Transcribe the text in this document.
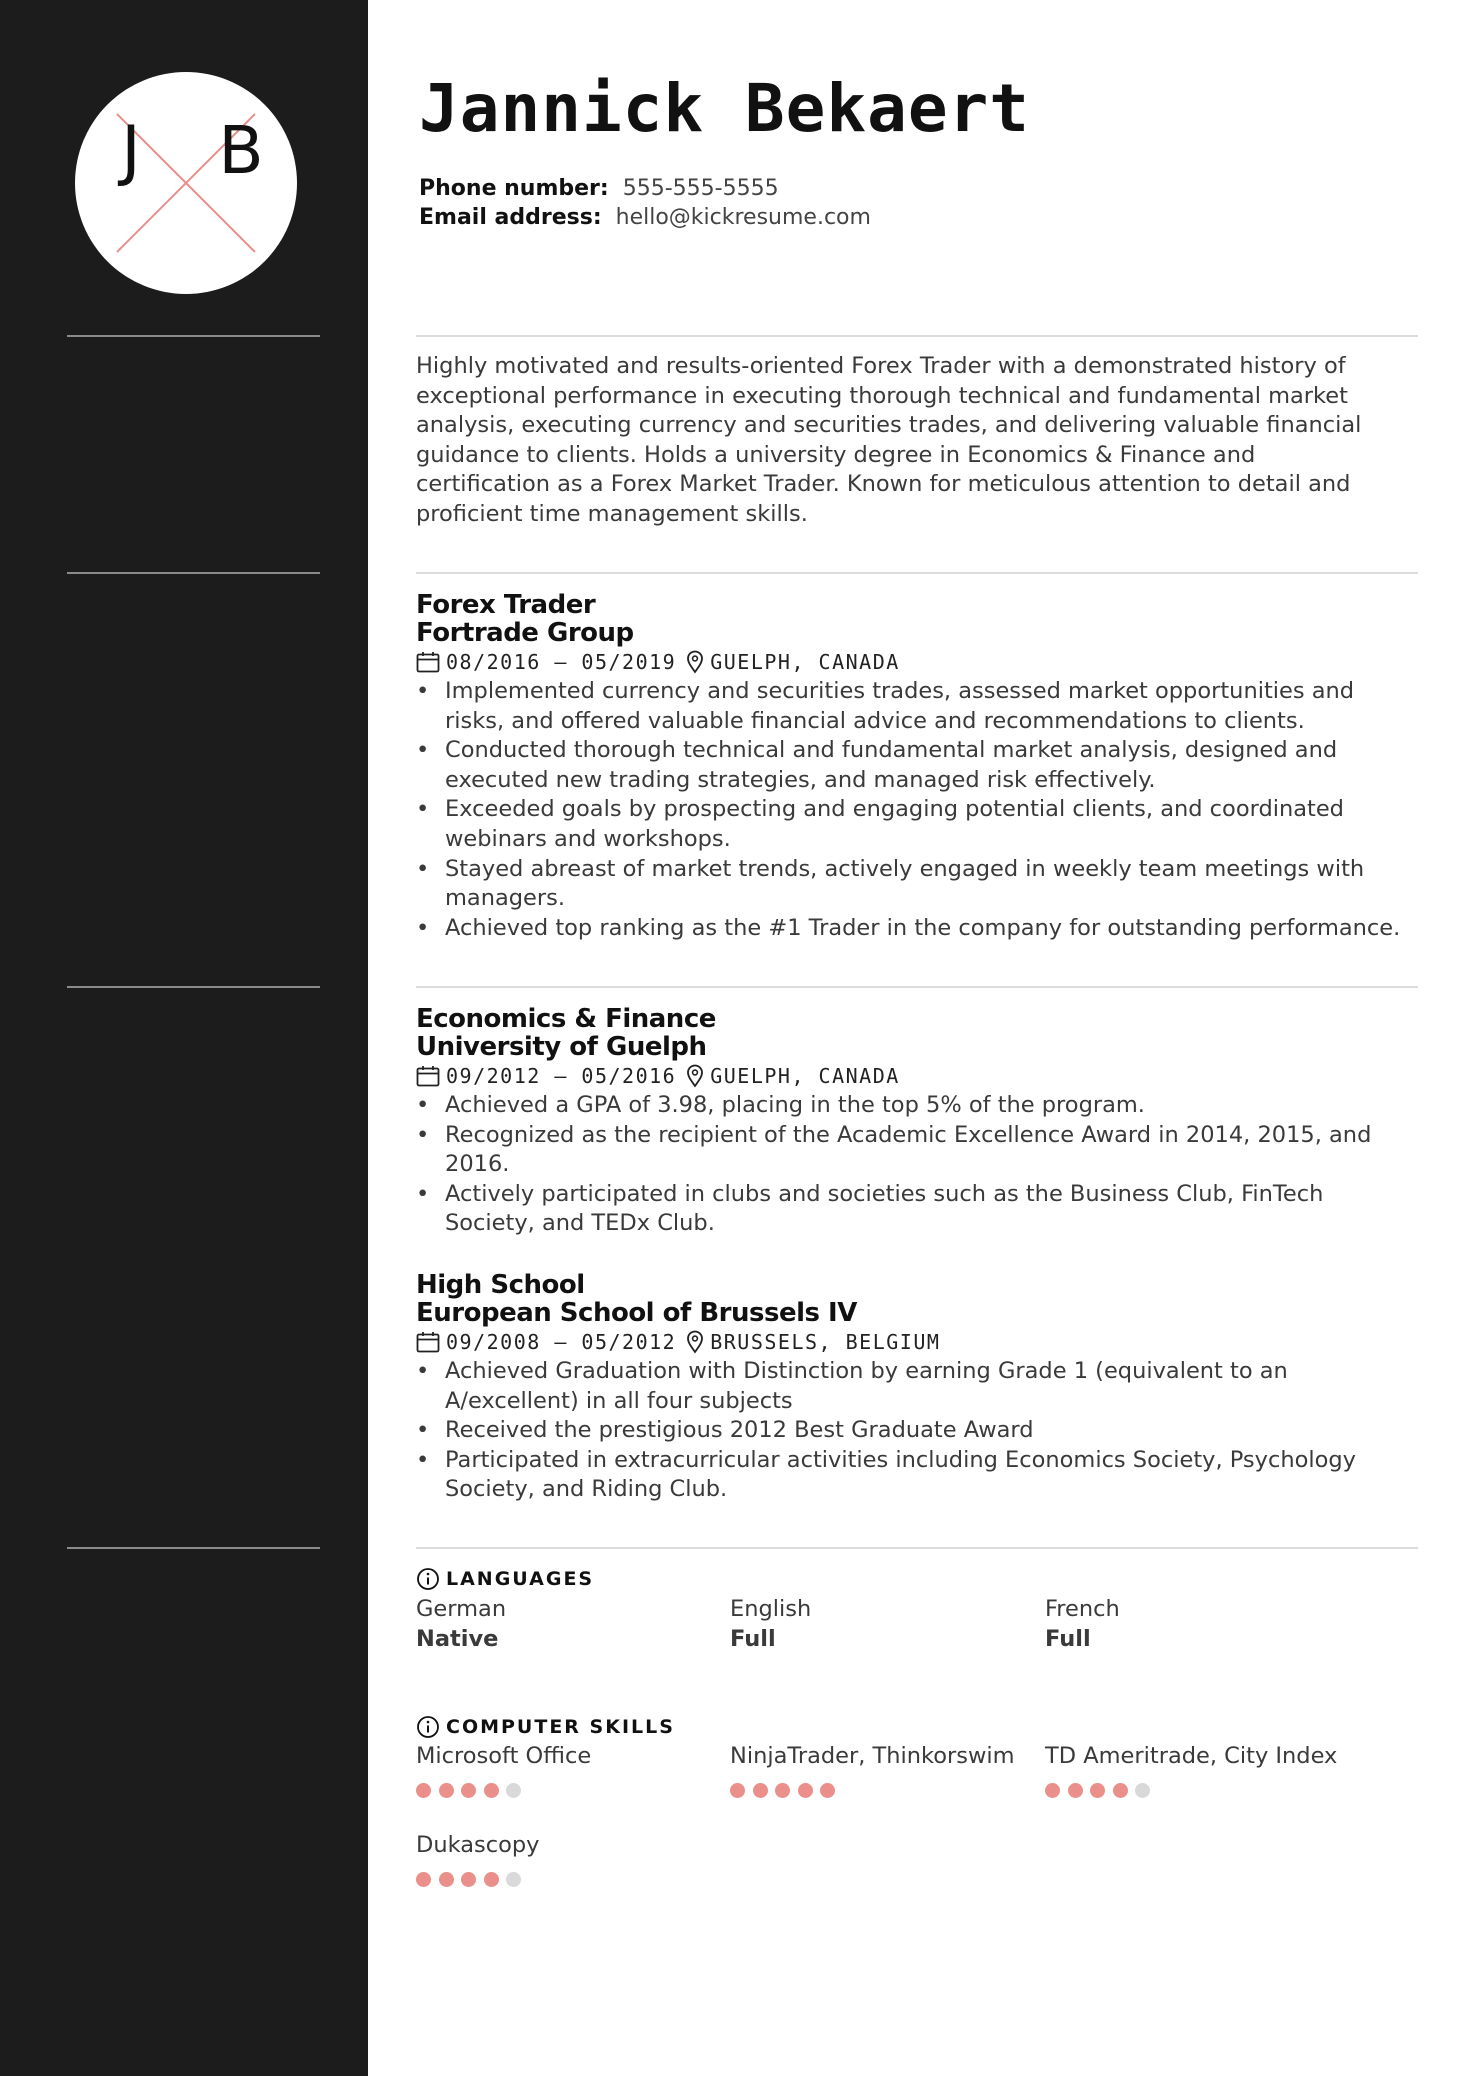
J	B
Jannick Bekaert
Phone number: 555-555-5555
Email address: hello@kickresume.com

Highly motivated and results-oriented Forex Trader with a demonstrated history of exceptional performance in executing thorough technical and fundamental market analysis, executing currency and securities trades, and delivering valuable financial guidance to clients. Holds a university degree in Economics & Finance and certification as a Forex Market Trader. Known for meticulous attention to detail and proficient time management skills.

Forex Trader
Fortrade Group
08/2016 – 05/2019 GUELPH, CANADA
• Implemented currency and securities trades, assessed market opportunities and risks, and offered valuable financial advice and recommendations to clients.
• Conducted thorough technical and fundamental market analysis, designed and executed new trading strategies, and managed risk effectively.
• Exceeded goals by prospecting and engaging potential clients, and coordinated webinars and workshops.
• Stayed abreast of market trends, actively engaged in weekly team meetings with managers.
• Achieved top ranking as the #1 Trader in the company for outstanding performance.
Economics & Finance
University of Guelph
09/2012 – 05/2016 GUELPH, CANADA
• Achieved a GPA of 3.98, placing in the top 5% of the program.
• Recognized as the recipient of the Academic Excellence Award in 2014, 2015, and 2016.
• Actively participated in clubs and societies such as the Business Club, FinTech Society, and TEDx Club.
High School
European School of Brussels IV
09/2008 – 05/2012 BRUSSELS, BELGIUM
• Achieved Graduation with Distinction by earning Grade 1 (equivalent to an A/excellent) in all four subjects
• Received the prestigious 2012 Best Graduate Award
• Participated in extracurricular activities including Economics Society, Psychology Society, and Riding Club.
LANGUAGES
German
Native
English
Full
French
Full
COMPUTER SKILLS
Microsoft Office	NinjaTrader, Thinkorswim	TD Ameritrade, City Index
Dukascopy
